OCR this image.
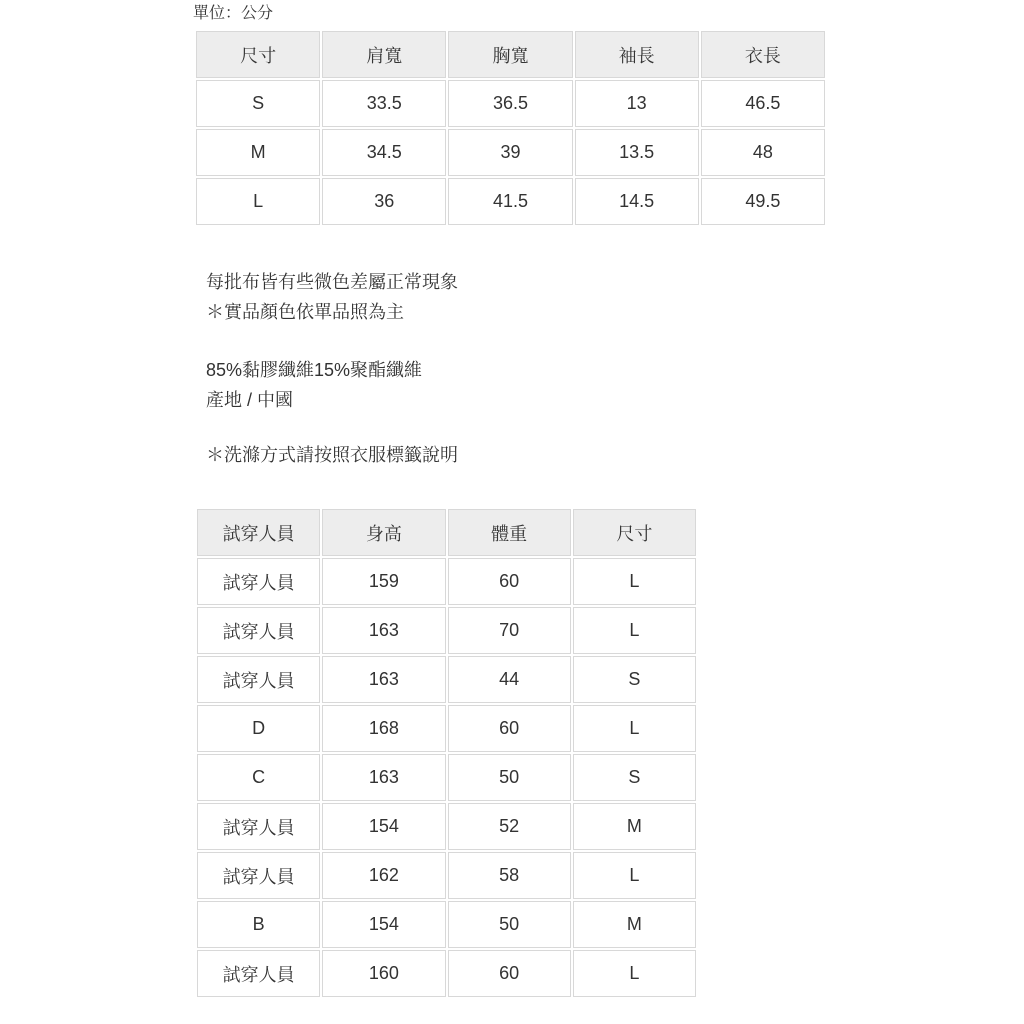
單位：公分
尺寸	肩寬	胸寬	袖長	衣長
S	33.5	36.5	13	46.5
M	34.5	39	13.5	48
L	36	41.5	14.5	49.5
每批布皆有些微色差屬正常現象
＊實品顏色依單品照為主
85%黏膠纖維15%聚酯纖維
產地 / 中國
＊洗滌方式請按照衣服標籤說明
試穿人員	身高	體重	尺寸
試穿人員	159	60	L
試穿人員	163	70	L
試穿人員	163	44	S
D	168	60	L
C	163	50	S
試穿人員	154	52	M
試穿人員	162	58	L
B	154	50	M
試穿人員	160	60	L
